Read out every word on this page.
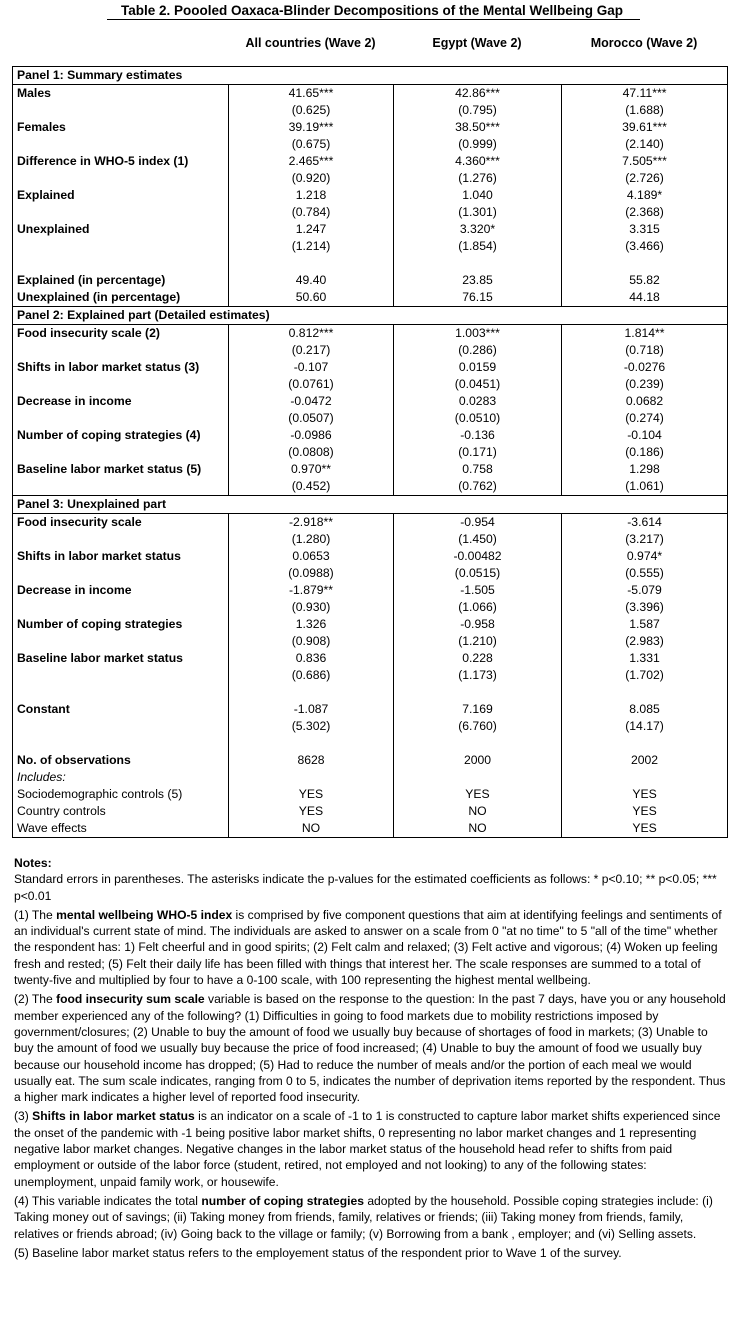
Table 2. Poooled Oaxaca-Blinder Decompositions of the Mental Wellbeing Gap
All countries (Wave 2)	Egypt (Wave 2)	Morocco (Wave 2)
Panel 1: Summary estimates			
Males	41.65***	42.86***	47.11***
	(0.625)	(0.795)	(1.688)
Females	39.19***	38.50***	39.61***
	(0.675)	(0.999)	(2.140)
Difference in WHO-5 index (1)	2.465***	4.360***	7.505***
	(0.920)	(1.276)	(2.726)
Explained	1.218	1.040	4.189*
	(0.784)	(1.301)	(2.368)
Unexplained	1.247	3.320*	3.315
	(1.214)	(1.854)	(3.466)

Explained (in percentage)	49.40	23.85	55.82
Unexplained (in percentage)	50.60	76.15	44.18
Panel 2: Explained part (Detailed estimates)			
Food insecurity scale (2)	0.812***	1.003***	1.814**
	(0.217)	(0.286)	(0.718)
Shifts in labor market status (3)	-0.107	0.0159	-0.0276
	(0.0761)	(0.0451)	(0.239)
Decrease in income	-0.0472	0.0283	0.0682
	(0.0507)	(0.0510)	(0.274)
Number of coping strategies (4)	-0.0986	-0.136	-0.104
	(0.0808)	(0.171)	(0.186)
Baseline labor market status (5)	0.970**	0.758	1.298
	(0.452)	(0.762)	(1.061)
Panel 3: Unexplained part			
Food insecurity scale	-2.918**	-0.954	-3.614
	(1.280)	(1.450)	(3.217)
Shifts in labor market status	0.0653	-0.00482	0.974*
	(0.0988)	(0.0515)	(0.555)
Decrease in income	-1.879**	-1.505	-5.079
	(0.930)	(1.066)	(3.396)
Number of coping strategies	1.326	-0.958	1.587
	(0.908)	(1.210)	(2.983)
Baseline labor market status	0.836	0.228	1.331
	(0.686)	(1.173)	(1.702)

Constant	-1.087	7.169	8.085
	(5.302)	(6.760)	(14.17)

No. of observations	8628	2000	2002
Includes:			
Sociodemographic controls (5)	YES	YES	YES
Country controls	YES	NO	YES
Wave effects	NO	NO	YES

Notes:

Standard errors in parentheses. The asterisks indicate the p-values for the estimated coefficients as follows: * p<0.10; ** p<0.05; *** p<0.01

(1) The mental wellbeing WHO-5 index is comprised by five component questions that aim at identifying feelings and sentiments of an individual's current state of mind. The individuals are asked to answer on a scale from 0 "at no time" to 5 "all of the time" whether the respondent has: 1) Felt cheerful and in good spirits; (2) Felt calm and relaxed; (3) Felt active and vigorous; (4) Woken up feeling fresh and rested; (5) Felt their daily life has been filled with things that interest her. The scale responses are summed to a total of twenty-five and multiplied by four to have a 0-100 scale, with 100 representing the highest mental wellbeing.

(2) The food insecurity sum scale variable is based on the response to the question: In the past 7 days, have you or any household member experienced any of the following? (1) Difficulties in going to food markets due to mobility restrictions imposed by government/closures; (2) Unable to buy the amount of food we usually buy because of shortages of food in markets; (3) Unable to buy the amount of food we usually buy because the price of food increased; (4) Unable to buy the amount of food we usually buy because our household income has dropped; (5) Had to reduce the number of meals and/or the portion of each meal we would usually eat. The sum scale indicates, ranging from 0 to 5, indicates the number of deprivation items reported by the respondent. Thus a higher mark indicates a higher level of reported food insecurity.

(3) Shifts in labor market status is an indicator on a scale of -1 to 1 is constructed to capture labor market shifts experienced since the onset of the pandemic with -1 being positive labor market shifts, 0 representing no labor market changes and 1 representing negative labor market changes. Negative changes in the labor market status of the household head refer to shifts from paid employment or outside of the labor force (student, retired, not employed and not looking) to any of the following states: unemployment, unpaid family work, or housewife.

(4) This variable indicates the total number of coping strategies adopted by the household. Possible coping strategies include: (i) Taking money out of savings; (ii) Taking money from friends, family, relatives or friends; (iii) Taking money from friends, family, relatives or friends abroad; (iv) Going back to the village or family; (v) Borrowing from a bank , employer; and (vi) Selling assets.

(5) Baseline labor market status refers to the employement status of the respondent prior to Wave 1 of the survey.
